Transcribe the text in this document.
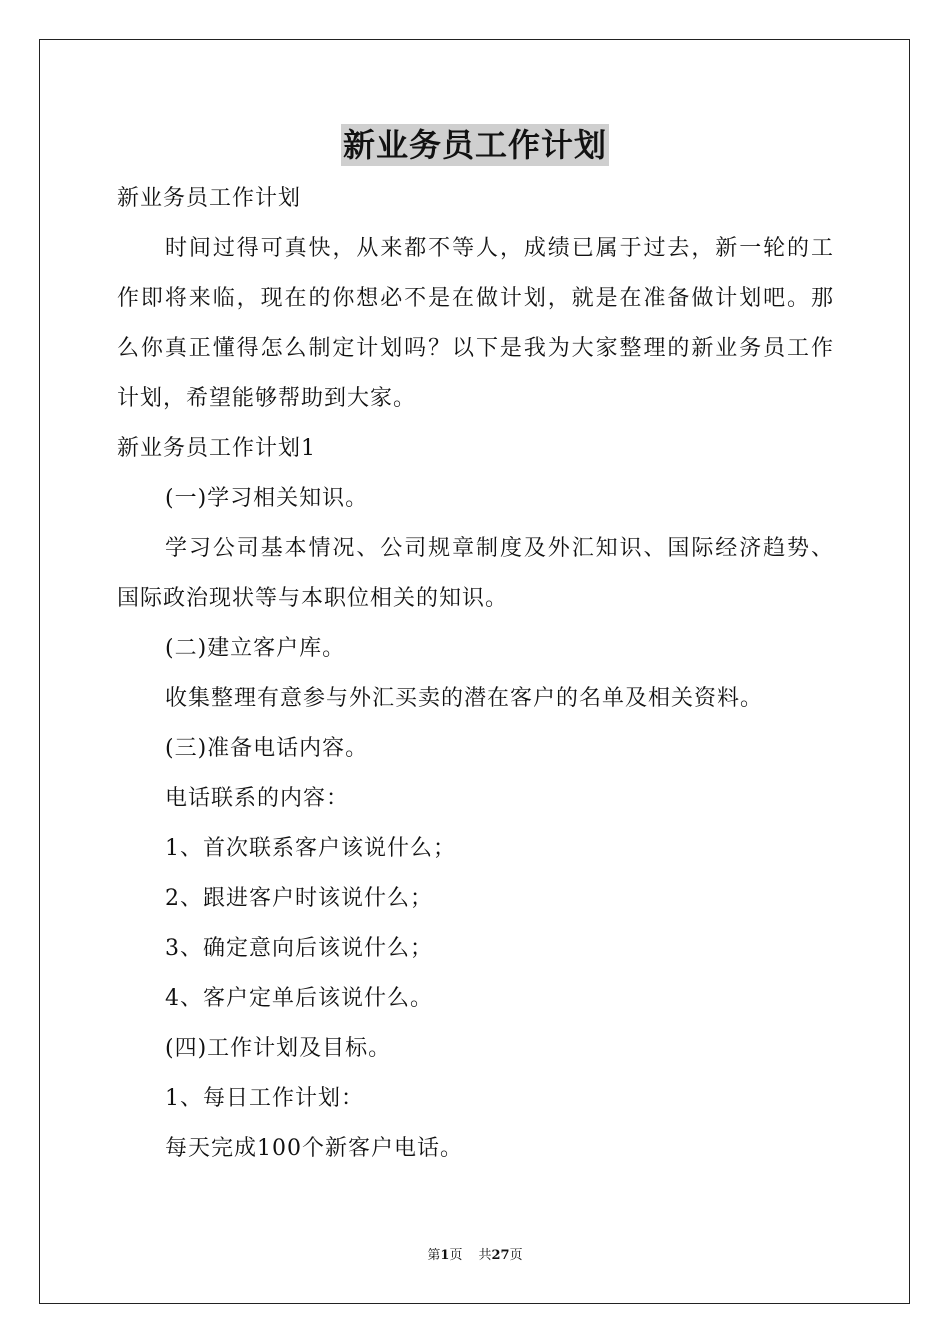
新业务员工作计划
新业务员工作计划
时间过得可真快，从来都不等人，成绩已属于过去，新一轮的工
作即将来临，现在的你想必不是在做计划，就是在准备做计划吧。那
么你真正懂得怎么制定计划吗？以下是我为大家整理的新业务员工作
计划，希望能够帮助到大家。
新业务员工作计划1
(一)学习相关知识。
学习公司基本情况、公司规章制度及外汇知识、国际经济趋势、
国际政治现状等与本职位相关的知识。
(二)建立客户库。
收集整理有意参与外汇买卖的潜在客户的名单及相关资料。
(三)准备电话内容。
电话联系的内容：
1、首次联系客户该说什么；
2、跟进客户时该说什么；
3、确定意向后该说什么；
4、客户定单后该说什么。
(四)工作计划及目标。
1、每日工作计划：
每天完成100个新客户电话。
第1页 共27页
